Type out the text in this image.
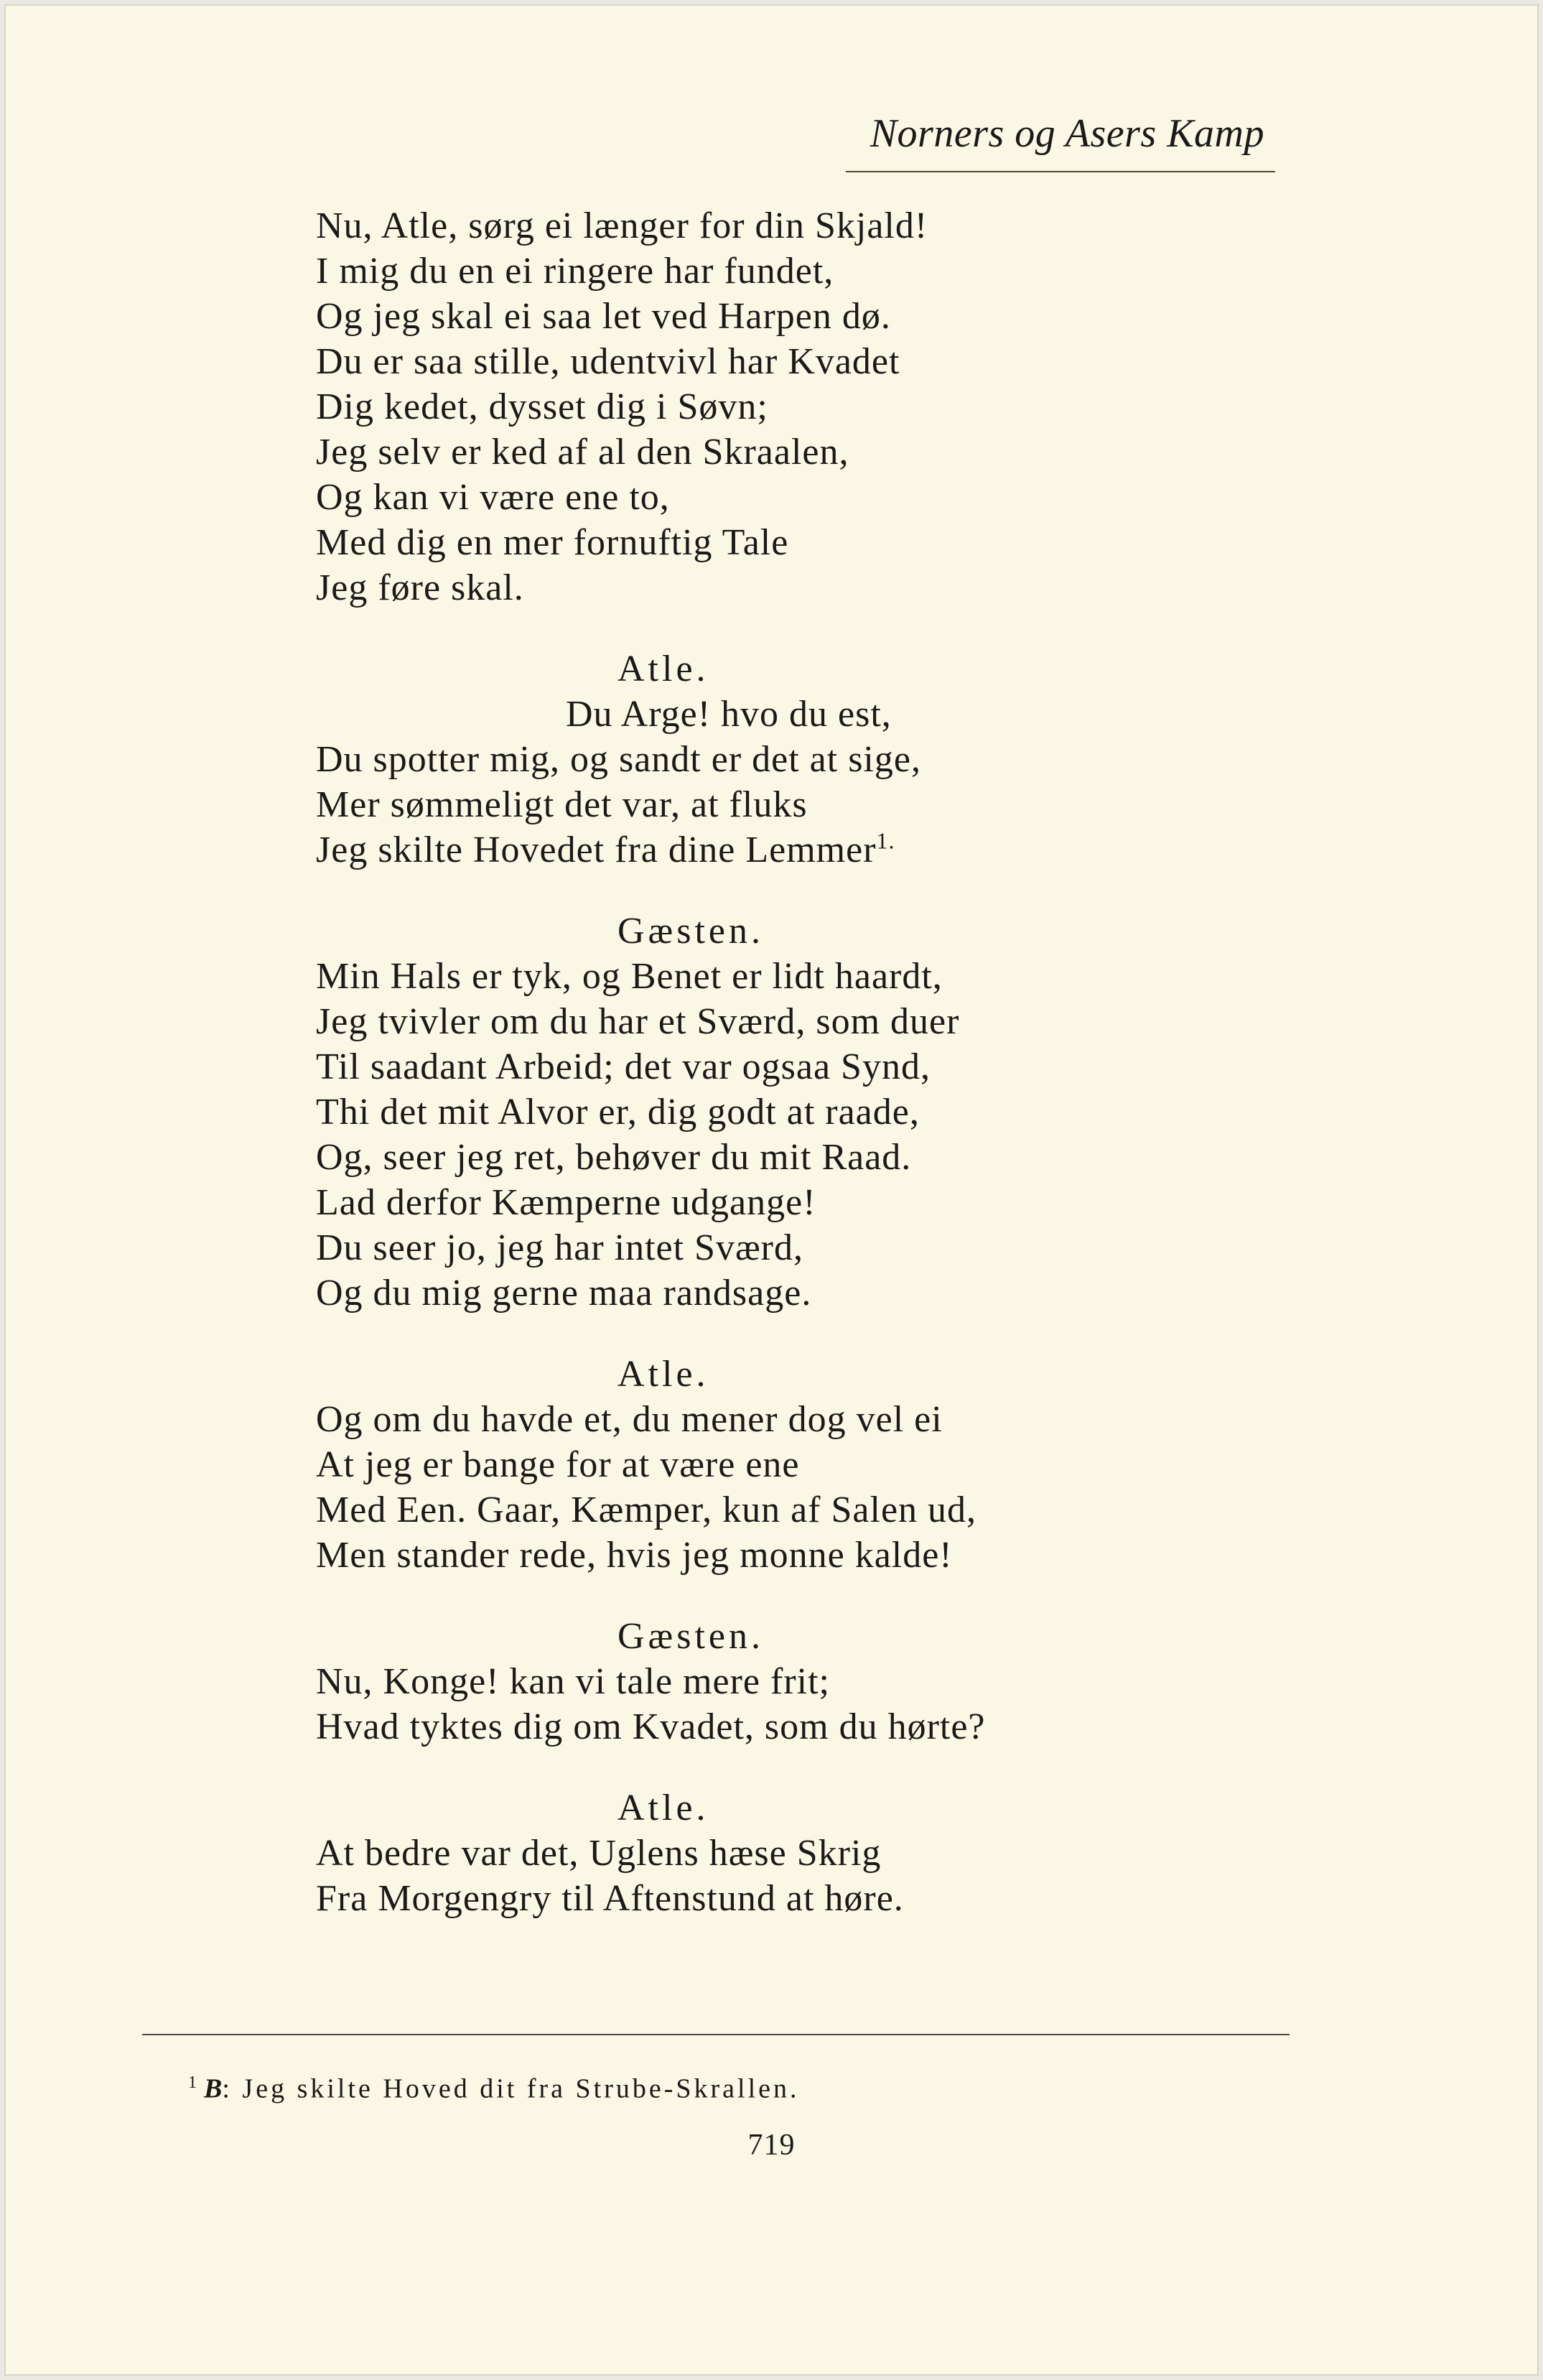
Norners og Asers Kamp
Nu, Atle, sørg ei længer for din Skjald!
I mig du en ei ringere har fundet,
Og jeg skal ei saa let ved Harpen dø.
Du er saa stille, udentvivl har Kvadet
Dig kedet, dysset dig i Søvn;
Jeg selv er ked af al den Skraalen,
Og kan vi være ene to,
Med dig en mer fornuftig Tale
Jeg føre skal.
Atle.
Du Arge! hvo du est,
Du spotter mig, og sandt er det at sige,
Mer sømmeligt det var, at fluks
Jeg skilte Hovedet fra dine Lemmer$^{1.}$
Gæsten.
Min Hals er tyk, og Benet er lidt haardt,
Jeg tvivler om du har et Sværd, som duer
Til saadant Arbeid; det var ogsaa Synd,
Thi det mit Alvor er, dig godt at raade,
Og, seer jeg ret, behøver du mit Raad.
Lad derfor Kæmperne udgange!
Du seer jo, jeg har intet Sværd,
Og du mig gerne maa randsage.
Atle.
Og om du havde et, du mener dog vel ei
At jeg er bange for at være ene
Med Een. Gaar, Kæmper, kun af Salen ud,
Men stander rede, hvis jeg monne kalde!
Gæsten.
Nu, Konge! kan vi tale mere frit;
Hvad tyktes dig om Kvadet, som du hørte?
Atle.
At bedre var det, Uglens hæse Skrig
Fra Morgengry til Aftenstund at høre.
$^1$ B: Jeg skilte Hoved dit fra Strube-Skrallen.
719
